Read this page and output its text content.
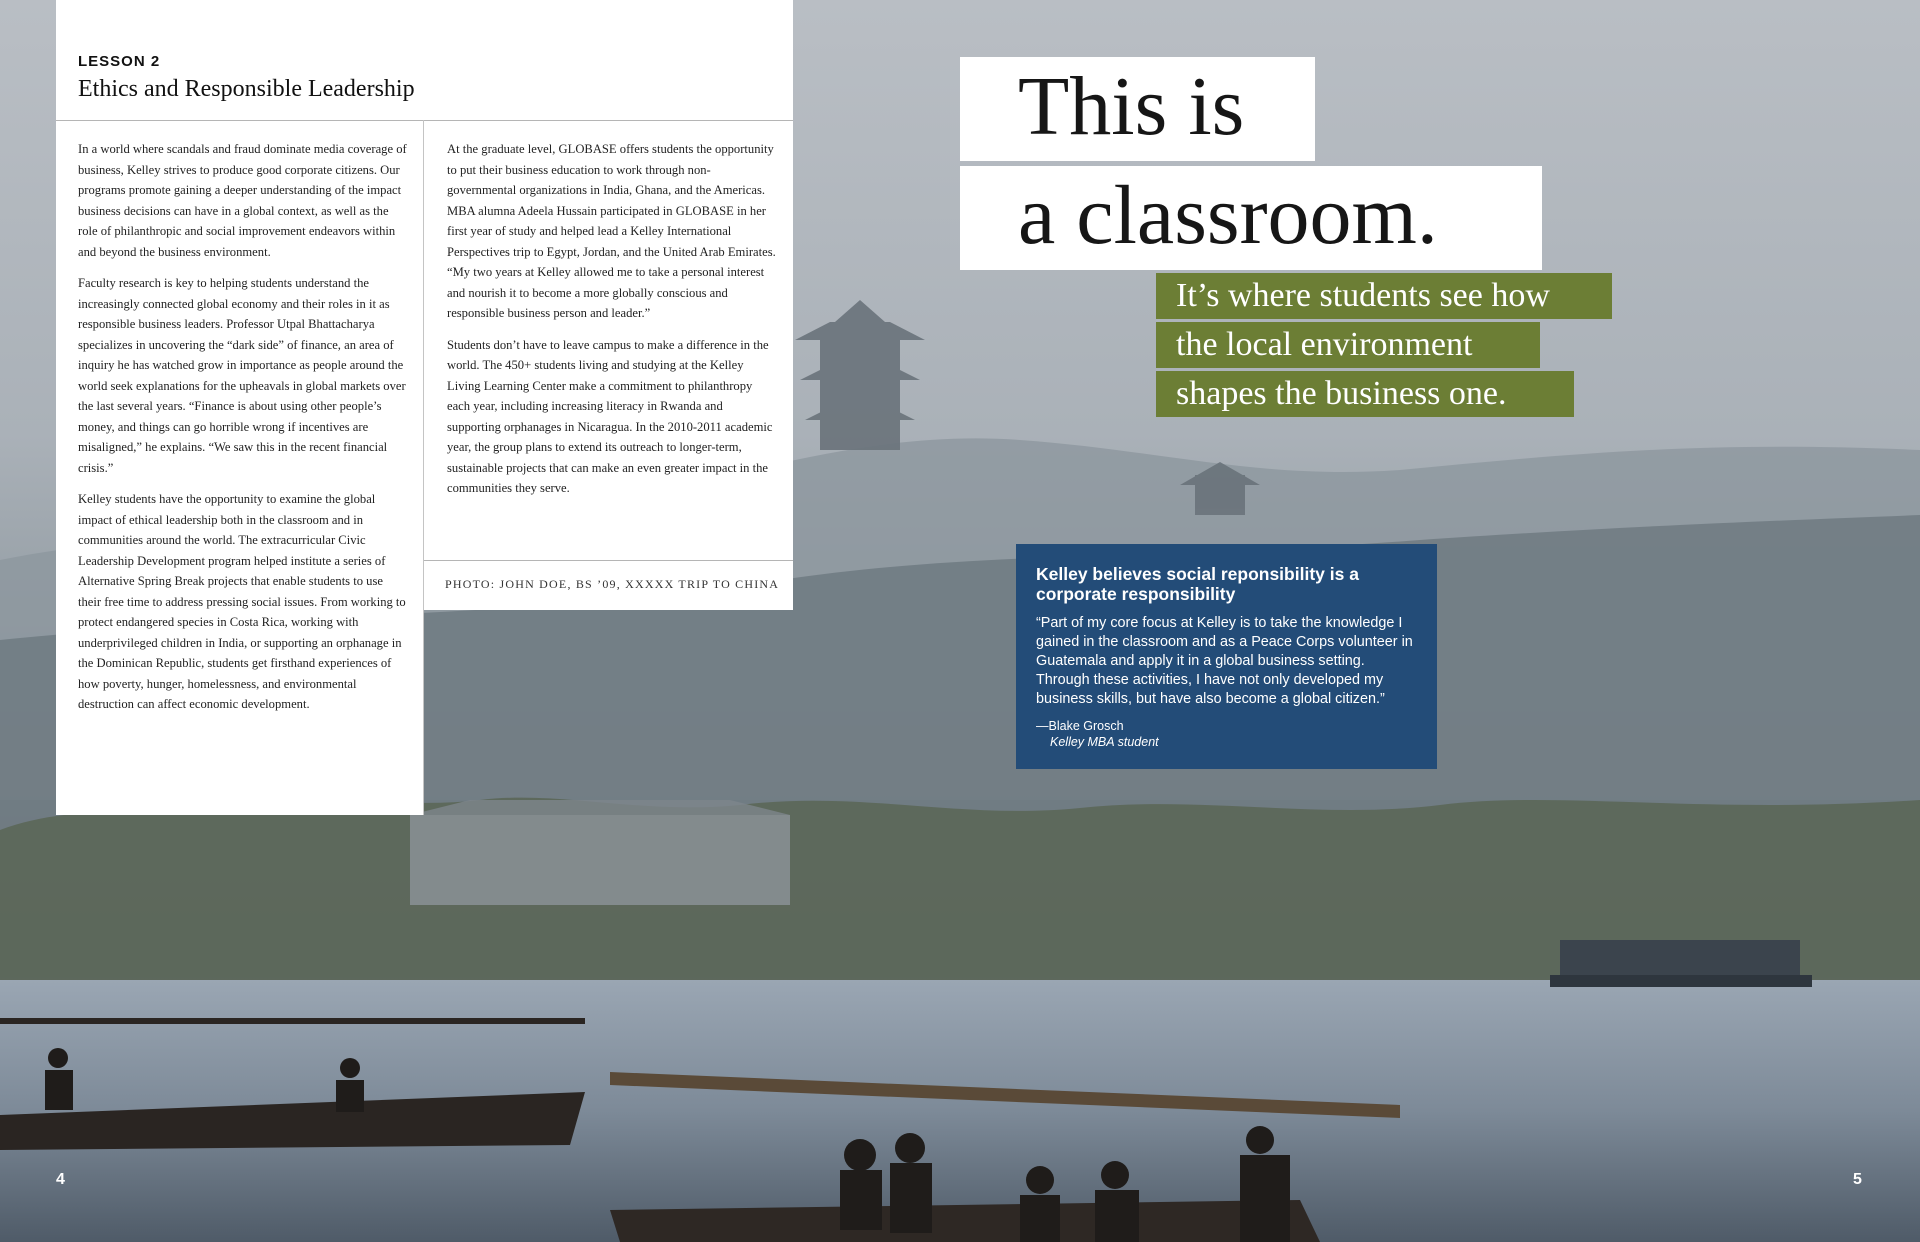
LESSON 2
Ethics and Responsible Leadership

In a world where scandals and fraud dominate media coverage of business, Kelley strives to produce good corporate citizens. Our programs promote gaining a deeper understanding of the impact business decisions can have in a global context, as well as the role of philanthropic and social improvement endeavors within and beyond the business environment.

Faculty research is key to helping students understand the increasingly connected global economy and their roles in it as responsible business leaders. Professor Utpal Bhattacharya specializes in uncovering the “dark side” of finance, an area of inquiry he has watched grow in importance as people around the world seek explanations for the upheavals in global markets over the last several years. “Finance is about using other people’s money, and things can go horrible wrong if incentives are misaligned,” he explains. “We saw this in the recent financial crisis.”

Kelley students have the opportunity to examine the global impact of ethical leadership both in the classroom and in communities around the world. The extracurricular Civic Leadership Development program helped institute a series of Alternative Spring Break projects that enable students to use their free time to address pressing social issues. From working to protect endangered species in Costa Rica, working with underprivileged children in India, or supporting an orphanage in the Dominican Republic, students get firsthand experiences of how poverty, hunger, homelessness, and environmental destruction can affect economic development.

At the graduate level, GLOBASE offers students the opportunity to put their business education to work through non-governmental organizations in India, Ghana, and the Americas. MBA alumna Adeela Hussain participated in GLOBASE in her first year of study and helped lead a Kelley International Perspectives trip to Egypt, Jordan, and the United Arab Emirates. “My two years at Kelley allowed me to take a personal interest and nourish it to become a more globally conscious and responsible business person and leader.”

Students don’t have to leave campus to make a difference in the world. The 450+ students living and studying at the Kelley Living Learning Center make a commitment to philanthropy each year, including increasing literacy in Rwanda and supporting orphanages in Nicaragua. In the 2010-2011 academic year, the group plans to extend its outreach to longer-term, sustainable projects that can make an even greater impact in the communities they serve.

PHOTO: JOHN DOE, BS ’09, XXXXX TRIP TO CHINA
This is
a classroom.
It’s where students see how
the local environment
shapes the business one.
Kelley believes social reponsibility is a corporate responsibility
“Part of my core focus at Kelley is to take the knowledge I gained in the classroom and as a Peace Corps volunteer in Guatemala and apply it in a global business setting. Through these activities, I have not only developed my business skills, but have also become a global citizen.”
—Blake Grosch
Kelley MBA student
4	5
